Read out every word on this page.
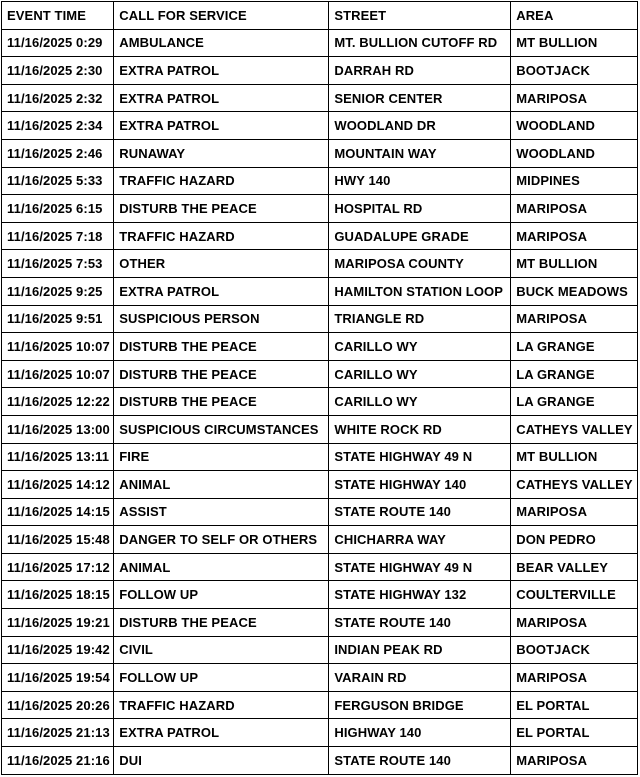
EVENT TIME	CALL FOR SERVICE	STREET	AREA
11/16/2025 0:29	AMBULANCE	MT. BULLION CUTOFF RD	MT BULLION
11/16/2025 2:30	EXTRA PATROL	DARRAH RD	BOOTJACK
11/16/2025 2:32	EXTRA PATROL	SENIOR CENTER	MARIPOSA
11/16/2025 2:34	EXTRA PATROL	WOODLAND DR	WOODLAND
11/16/2025 2:46	RUNAWAY	MOUNTAIN WAY	WOODLAND
11/16/2025 5:33	TRAFFIC HAZARD	HWY 140	MIDPINES
11/16/2025 6:15	DISTURB THE PEACE	HOSPITAL RD	MARIPOSA
11/16/2025 7:18	TRAFFIC HAZARD	GUADALUPE GRADE	MARIPOSA
11/16/2025 7:53	OTHER	MARIPOSA COUNTY	MT BULLION
11/16/2025 9:25	EXTRA PATROL	HAMILTON STATION LOOP	BUCK MEADOWS
11/16/2025 9:51	SUSPICIOUS PERSON	TRIANGLE RD	MARIPOSA
11/16/2025 10:07	DISTURB THE PEACE	CARILLO WY	LA GRANGE
11/16/2025 10:07	DISTURB THE PEACE	CARILLO WY	LA GRANGE
11/16/2025 12:22	DISTURB THE PEACE	CARILLO WY	LA GRANGE
11/16/2025 13:00	SUSPICIOUS CIRCUMSTANCES	WHITE ROCK RD	CATHEYS VALLEY
11/16/2025 13:11	FIRE	STATE HIGHWAY 49 N	MT BULLION
11/16/2025 14:12	ANIMAL	STATE HIGHWAY 140	CATHEYS VALLEY
11/16/2025 14:15	ASSIST	STATE ROUTE 140	MARIPOSA
11/16/2025 15:48	DANGER TO SELF OR OTHERS	CHICHARRA WAY	DON PEDRO
11/16/2025 17:12	ANIMAL	STATE HIGHWAY 49 N	BEAR VALLEY
11/16/2025 18:15	FOLLOW UP	STATE HIGHWAY 132	COULTERVILLE
11/16/2025 19:21	DISTURB THE PEACE	STATE ROUTE 140	MARIPOSA
11/16/2025 19:42	CIVIL	INDIAN PEAK RD	BOOTJACK
11/16/2025 19:54	FOLLOW UP	VARAIN RD	MARIPOSA
11/16/2025 20:26	TRAFFIC HAZARD	FERGUSON BRIDGE	EL PORTAL
11/16/2025 21:13	EXTRA PATROL	HIGHWAY 140	EL PORTAL
11/16/2025 21:16	DUI	STATE ROUTE 140	MARIPOSA
